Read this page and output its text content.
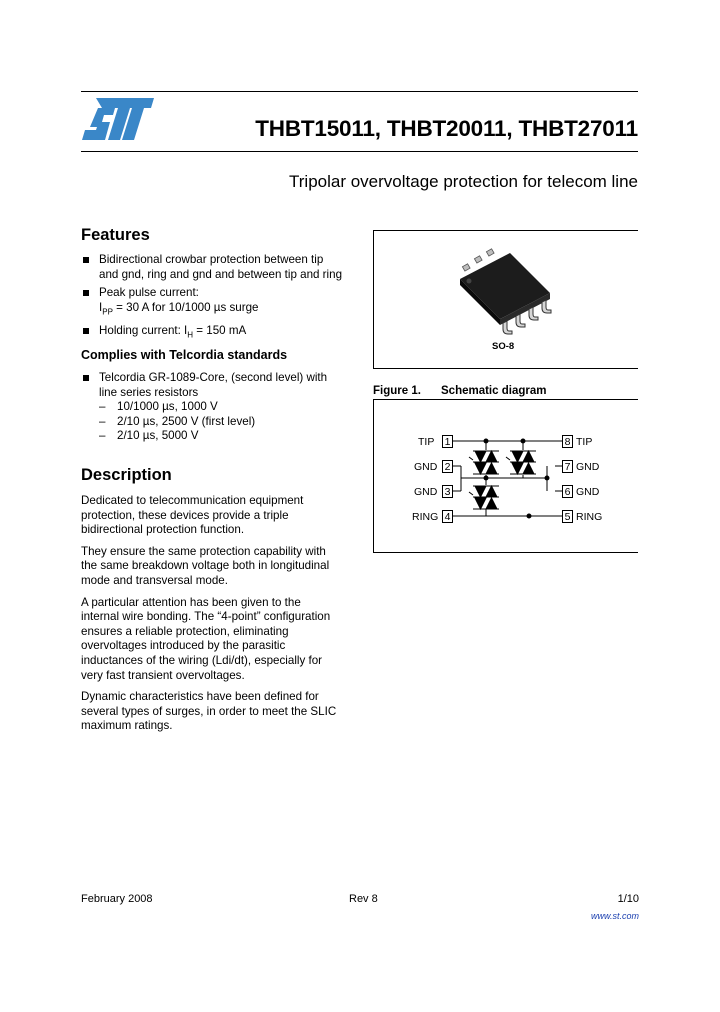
THBT15011, THBT20011, THBT27011
Tripolar overvoltage protection for telecom line
Features
Bidirectional crowbar protection between tip
and gnd, ring and gnd and between tip and ring
Peak pulse current:
$I_{PP} = 30$ A for 10/1000 µs surge
Holding current: $I_H = 150$ mA
Complies with Telcordia standards
Telcordia GR-1089-Core, (second level) with
line series resistors
– 10/1000 µs, 1000 V
– 2/10 µs, 2500 V (first level)
– 2/10 µs, 5000 V
Description

Dedicated to telecommunication equipment
protection, these devices provide a triple
bidirectional protection function.

They ensure the same protection capability with
the same breakdown voltage both in longitudinal
mode and transversal mode.

A particular attention has been given to the
internal wire bonding. The “4-point” configuration
ensures a reliable protection, eliminating
overvoltages introduced by the parasitic
inductances of the wiring (Ldi/dt), especially for
very fast transient overvoltages.

Dynamic characteristics have been defined for
several types of surges, in order to meet the SLIC
maximum ratings.

SO-8
Figure 1. Schematic diagram
TIP 1
GND 2
GND 3
RING 4
8 TIP
7 GND
6 GND
5 RING
February 2008	Rev 8	1/10
www.st.com
